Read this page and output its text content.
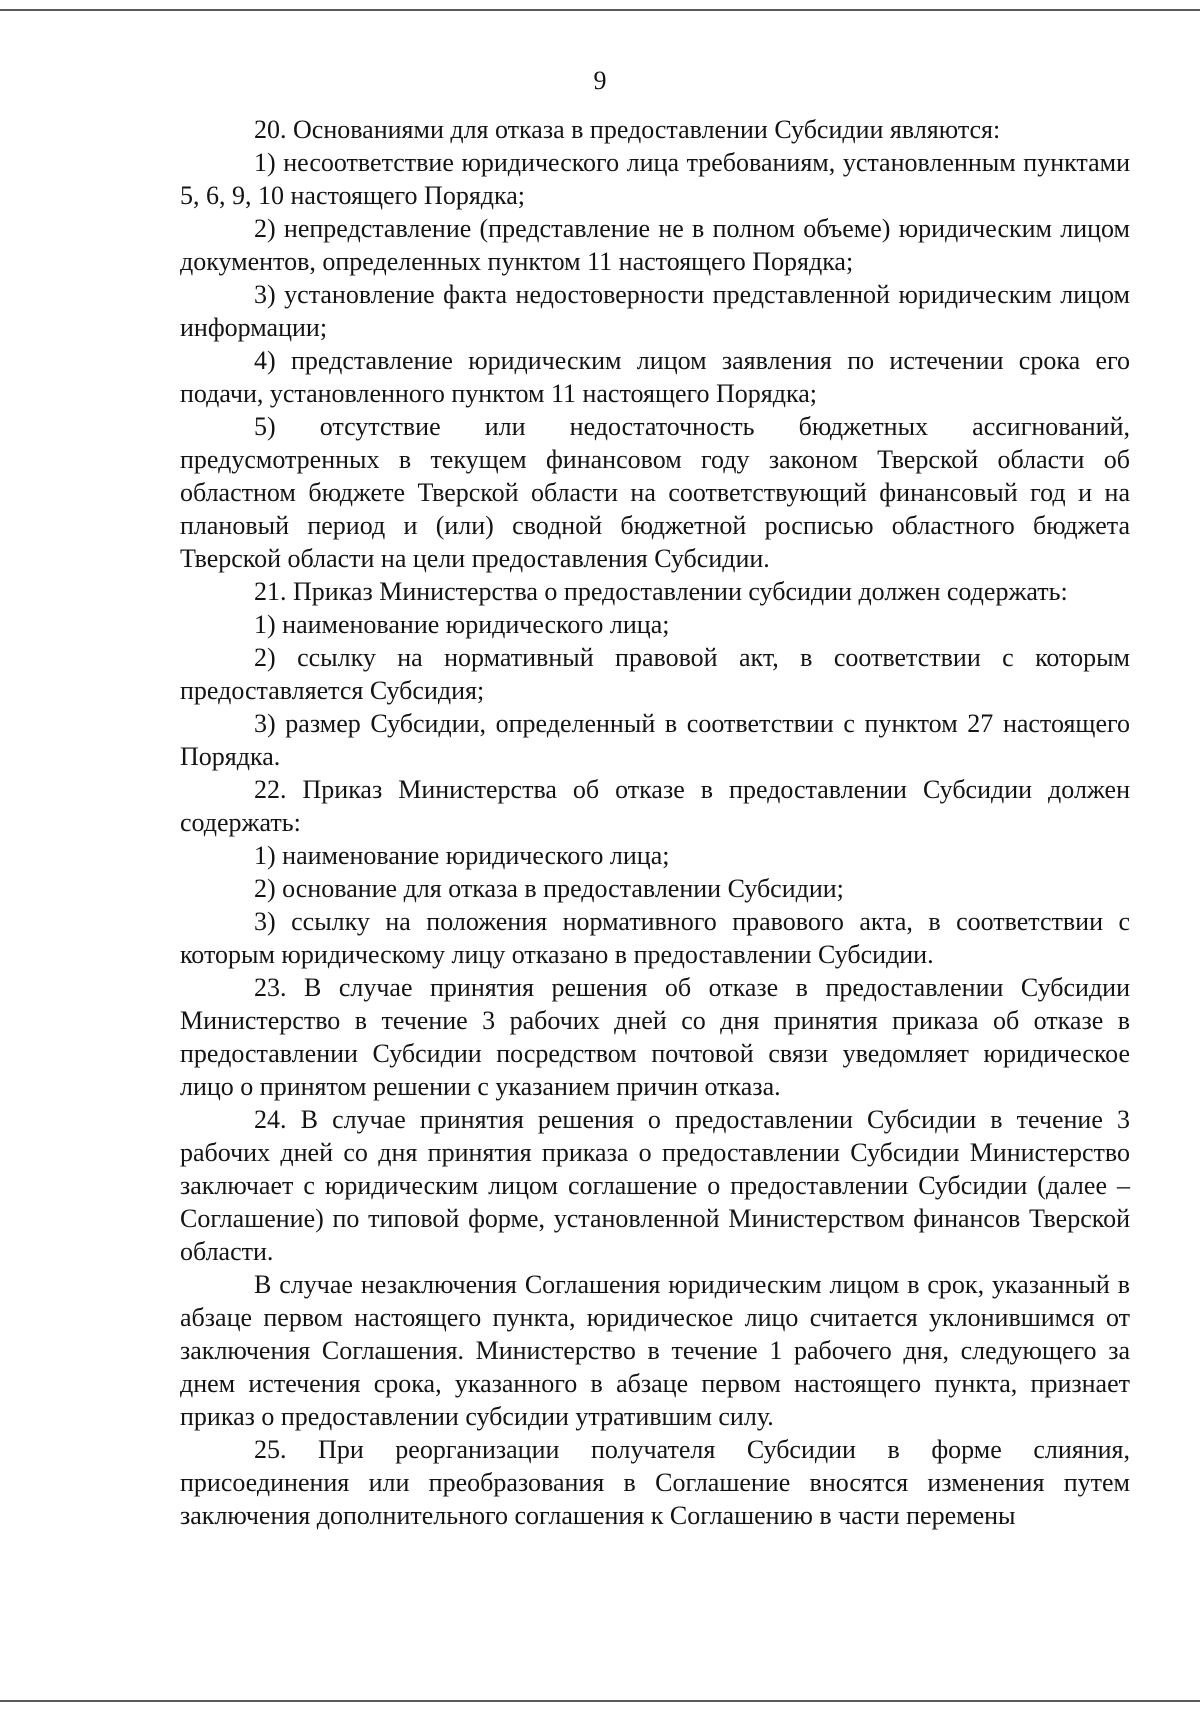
9

20. Основаниями для отказа в предоставлении Субсидии являются:

1) несоответствие юридического лица требованиям, установленным пунктами 5, 6, 9, 10 настоящего Порядка;

2) непредставление (представление не в полном объеме) юридическим лицом документов, определенных пунктом 11 настоящего Порядка;

3) установление факта недостоверности представленной юридическим лицом информации;

4) представление юридическим лицом заявления по истечении срока его подачи, установленного пунктом 11 настоящего Порядка;

5) отсутствие или недостаточность бюджетных ассигнований, предусмотренных в текущем финансовом году законом Тверской области об областном бюджете Тверской области на соответствующий финансовый год и на плановый период и (или) сводной бюджетной росписью областного бюджета Тверской области на цели предоставления Субсидии.

21. Приказ Министерства о предоставлении субсидии должен содержать:

1) наименование юридического лица;

2) ссылку на нормативный правовой акт, в соответствии с которым предоставляется Субсидия;

3) размер Субсидии, определенный в соответствии с пунктом 27 настоящего Порядка.

22. Приказ Министерства об отказе в предоставлении Субсидии должен содержать:

1) наименование юридического лица;

2) основание для отказа в предоставлении Субсидии;

3) ссылку на положения нормативного правового акта, в соответствии с которым юридическому лицу отказано в предоставлении Субсидии.

23. В случае принятия решения об отказе в предоставлении Субсидии Министерство в течение 3 рабочих дней со дня принятия приказа об отказе в предоставлении Субсидии посредством почтовой связи уведомляет юридическое лицо о принятом решении с указанием причин отказа.

24. В случае принятия решения о предоставлении Субсидии в течение 3 рабочих дней со дня принятия приказа о предоставлении Субсидии Министерство заключает с юридическим лицом соглашение о предоставлении Субсидии (далее – Соглашение) по типовой форме, установленной Министерством финансов Тверской области.

В случае незаключения Соглашения юридическим лицом в срок, указанный в абзаце первом настоящего пункта, юридическое лицо считается уклонившимся от заключения Соглашения. Министерство в течение 1 рабочего дня, следующего за днем истечения срока, указанного в абзаце первом настоящего пункта, признает приказ о предоставлении субсидии утратившим силу.

25. При реорганизации получателя Субсидии в форме слияния, присоединения или преобразования в Соглашение вносятся изменения путем заключения дополнительного соглашения к Соглашению в части перемены
